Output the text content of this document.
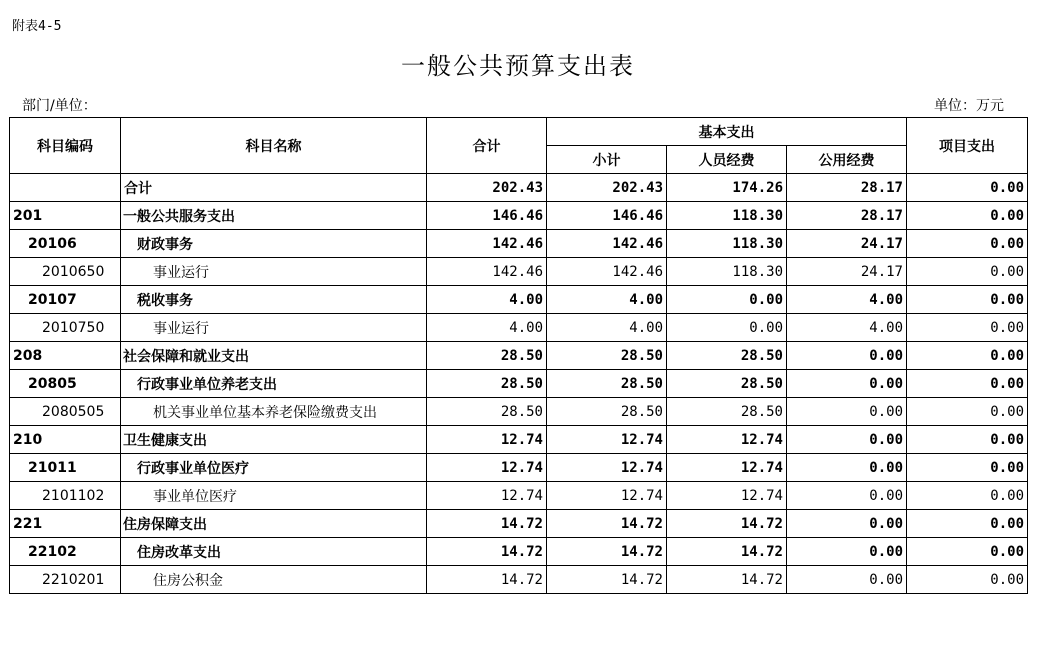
附表4-5
一般公共预算支出表
部门/单位：	单位：万元
科目编码	科目名称	合计	基本支出			项目支出
			小计	人员经费	公用经费	
	合计	202.43	202.43	174.26	28.17	0.00
201	一般公共服务支出	146.46	146.46	118.30	28.17	0.00
20106	财政事务	142.46	142.46	118.30	24.17	0.00
2010650	事业运行	142.46	142.46	118.30	24.17	0.00
20107	税收事务	4.00	4.00	0.00	4.00	0.00
2010750	事业运行	4.00	4.00	0.00	4.00	0.00
208	社会保障和就业支出	28.50	28.50	28.50	0.00	0.00
20805	行政事业单位养老支出	28.50	28.50	28.50	0.00	0.00
2080505	机关事业单位基本养老保险缴费支出	28.50	28.50	28.50	0.00	0.00
210	卫生健康支出	12.74	12.74	12.74	0.00	0.00
21011	行政事业单位医疗	12.74	12.74	12.74	0.00	0.00
2101102	事业单位医疗	12.74	12.74	12.74	0.00	0.00
221	住房保障支出	14.72	14.72	14.72	0.00	0.00
22102	住房改革支出	14.72	14.72	14.72	0.00	0.00
2210201	住房公积金	14.72	14.72	14.72	0.00	0.00
